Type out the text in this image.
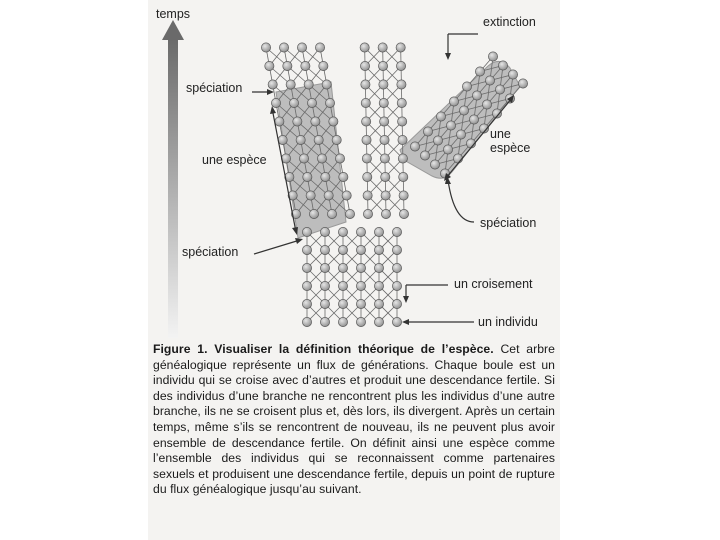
temps
extinction
spéciation
une espèce
une
espèce
spéciation
spéciation
un croisement
un individu
Figure 1. Visualiser la définition théorique de l’espèce. Cet arbre généalogique représente un flux de générations. Chaque boule est un individu qui se croise avec d’autres et produit une descendance fertile. Si des individus d’une branche ne rencontrent plus les individus d’une autre branche, ils ne se croisent plus et, dès lors, ils divergent. Après un certain temps, même s’ils se rencontrent de nouveau, ils ne peuvent plus avoir ensemble de descendance fertile. On définit ainsi une espèce comme l’ensemble des individus qui se reconnaissent comme partenaires sexuels et produisent une descendance fertile, depuis un point de rupture du flux généalogique jusqu’au suivant.
